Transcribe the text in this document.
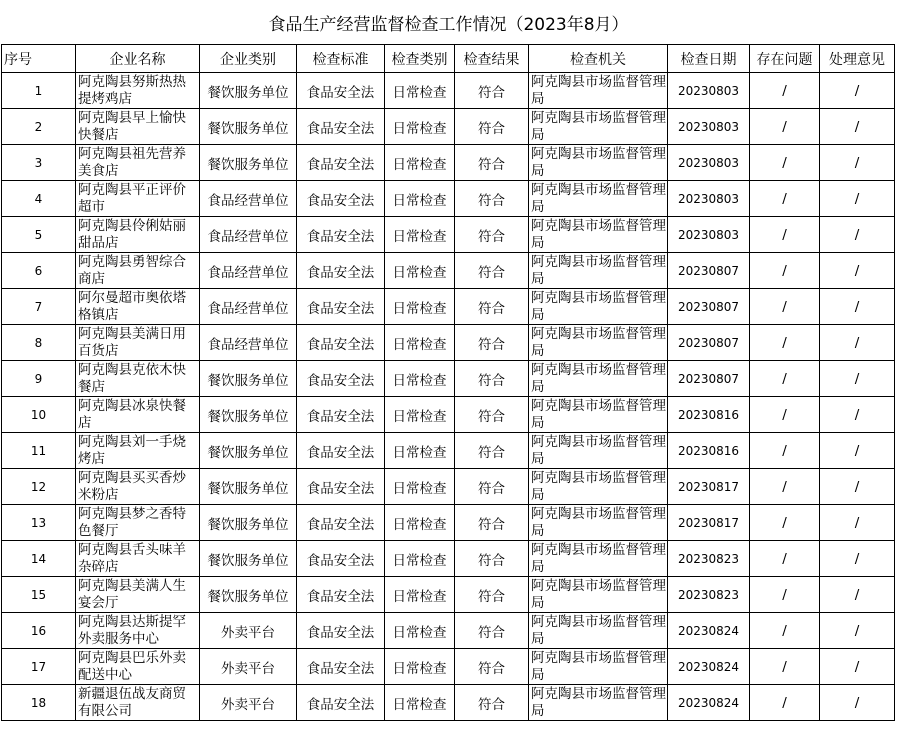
食品生产经营监督检查工作情况（2023年8月）
序号	企业名称	企业类别	检查标准	检查类别	检查结果	检查机关	检查日期	存在问题	处理意见
1	阿克陶县努斯热热提烤鸡店	餐饮服务单位	食品安全法	日常检查	符合	阿克陶县市场监督管理局	20230803	/	/
2	阿克陶县早上愉快快餐店	餐饮服务单位	食品安全法	日常检查	符合	阿克陶县市场监督管理局	20230803	/	/
3	阿克陶县祖先营养美食店	餐饮服务单位	食品安全法	日常检查	符合	阿克陶县市场监督管理局	20230803	/	/
4	阿克陶县平正评价超市	食品经营单位	食品安全法	日常检查	符合	阿克陶县市场监督管理局	20230803	/	/
5	阿克陶县伶俐姑丽甜品店	食品经营单位	食品安全法	日常检查	符合	阿克陶县市场监督管理局	20230803	/	/
6	阿克陶县勇智综合商店	食品经营单位	食品安全法	日常检查	符合	阿克陶县市场监督管理局	20230807	/	/
7	阿尔曼超市奥依塔格镇店	食品经营单位	食品安全法	日常检查	符合	阿克陶县市场监督管理局	20230807	/	/
8	阿克陶县美满日用百货店	食品经营单位	食品安全法	日常检查	符合	阿克陶县市场监督管理局	20230807	/	/
9	阿克陶县克依木快餐店	餐饮服务单位	食品安全法	日常检查	符合	阿克陶县市场监督管理局	20230807	/	/
10	阿克陶县冰泉快餐店	餐饮服务单位	食品安全法	日常检查	符合	阿克陶县市场监督管理局	20230816	/	/
11	阿克陶县刘一手烧烤店	餐饮服务单位	食品安全法	日常检查	符合	阿克陶县市场监督管理局	20230816	/	/
12	阿克陶县买买香炒米粉店	餐饮服务单位	食品安全法	日常检查	符合	阿克陶县市场监督管理局	20230817	/	/
13	阿克陶县梦之香特色餐厅	餐饮服务单位	食品安全法	日常检查	符合	阿克陶县市场监督管理局	20230817	/	/
14	阿克陶县舌头味羊杂碎店	餐饮服务单位	食品安全法	日常检查	符合	阿克陶县市场监督管理局	20230823	/	/
15	阿克陶县美满人生宴会厅	餐饮服务单位	食品安全法	日常检查	符合	阿克陶县市场监督管理局	20230823	/	/
16	阿克陶县达斯提罕外卖服务中心	外卖平台	食品安全法	日常检查	符合	阿克陶县市场监督管理局	20230824	/	/
17	阿克陶县巴乐外卖配送中心	外卖平台	食品安全法	日常检查	符合	阿克陶县市场监督管理局	20230824	/	/
18	新疆退伍战友商贸有限公司	外卖平台	食品安全法	日常检查	符合	阿克陶县市场监督管理局	20230824	/	/
